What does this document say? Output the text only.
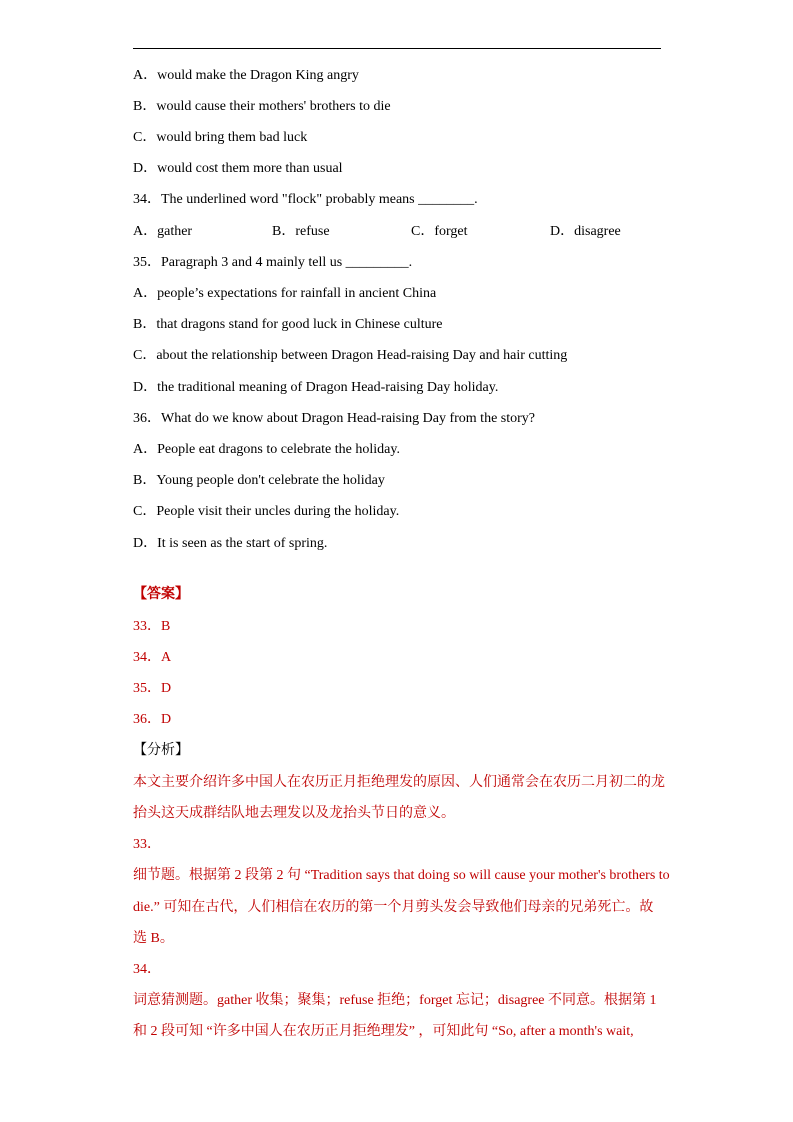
A．would make the Dragon King angry
B．would cause their mothers' brothers to die
C．would bring them bad luck
D．would cost them more than usual
34．The underlined word "flock" probably means ________.
A．gather	B．refuse	C．forget	D．disagree
35．Paragraph 3 and 4 mainly tell us _________.
A．people’s expectations for rainfall in ancient China
B．that dragons stand for good luck in Chinese culture
C．about the relationship between Dragon Head-raising Day and hair cutting
D．the traditional meaning of Dragon Head-raising Day holiday.
36．What do we know about Dragon Head-raising Day from the story?
A．People eat dragons to celebrate the holiday.
B．Young people don't celebrate the holiday
C．People visit their uncles during the holiday.
D．It is seen as the start of spring.
【答案】
33．B
34．A
35．D
36．D
【分析】
本文主要介绍许多中国人在农历正月拒绝理发的原因、人们通常会在农历二月初二的龙
抬头这天成群结队地去理发以及龙抬头节日的意义。
33．
细节题。根据第 2 段第 2 句 “Tradition says that doing so will cause your mother's brothers to
die.” 可知在古代，人们相信在农历的第一个月剪头发会导致他们母亲的兄弟死亡。故
选 B。
34．
词意猜测题。gather 收集；聚集；refuse 拒绝；forget 忘记；disagree 不同意。根据第 1
和 2 段可知 “许多中国人在农历正月拒绝理发” ，可知此句 “So, after a month's wait,
